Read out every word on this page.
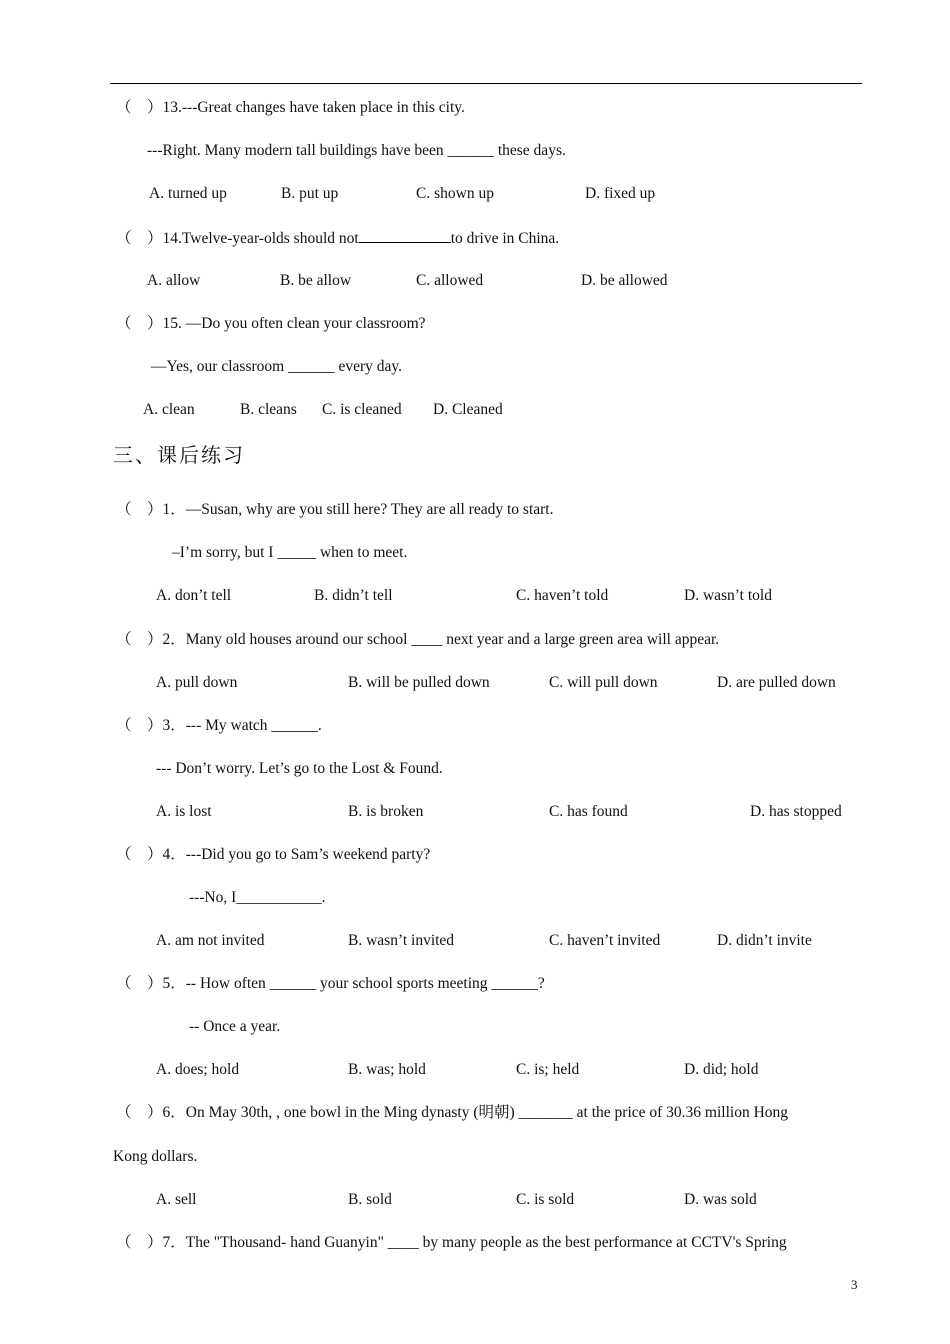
（　）13.---Great changes have taken place in this city.
---Right. Many modern tall buildings have been ______ these days.
A. turned up	B. put up	C. shown up	D. fixed up
（　）14.Twelve-year-olds should not	to drive in China.
A. allow	B. be allow	C. allowed	D. be allowed
（　）15. —Do you often clean your classroom?
—Yes, our classroom ______ every day.
A. clean	B. cleans C. is cleaned D. Cleaned
三、课后练习
（　）1．—Susan, why are you still here? They are all ready to start.
–I’m sorry, but I _____ when to meet.
A. don’t tell	B. didn’t tell	C. haven’t told	D. wasn’t told
（　）2．Many old houses around our school ____ next year and a large green area will appear.
A. pull down	B. will be pulled down	C. will pull down	D. are pulled down
（　）3．--- My watch ______.
--- Don’t worry. Let’s go to the Lost & Found.
A. is lost	B. is broken	C. has found	D. has stopped
（　）4．---Did you go to Sam’s weekend party?
---No, I___________.
A. am not invited	B. wasn’t invited	C. haven’t invited	D. didn’t invite
（　）5．-- How often ______ your school sports meeting ______?
-- Once a year.
A. does; hold	B. was; hold	C. is; held	D. did; hold
（　）6．On May 30th, , one bowl in the Ming dynasty (明朝) _______ at the price of 30.36 million Hong
Kong dollars.
A. sell	B. sold	C. is sold	D. was sold
（　）7．The "Thousand- hand Guanyin" ____ by many people as the best performance at CCTV's Spring
3
